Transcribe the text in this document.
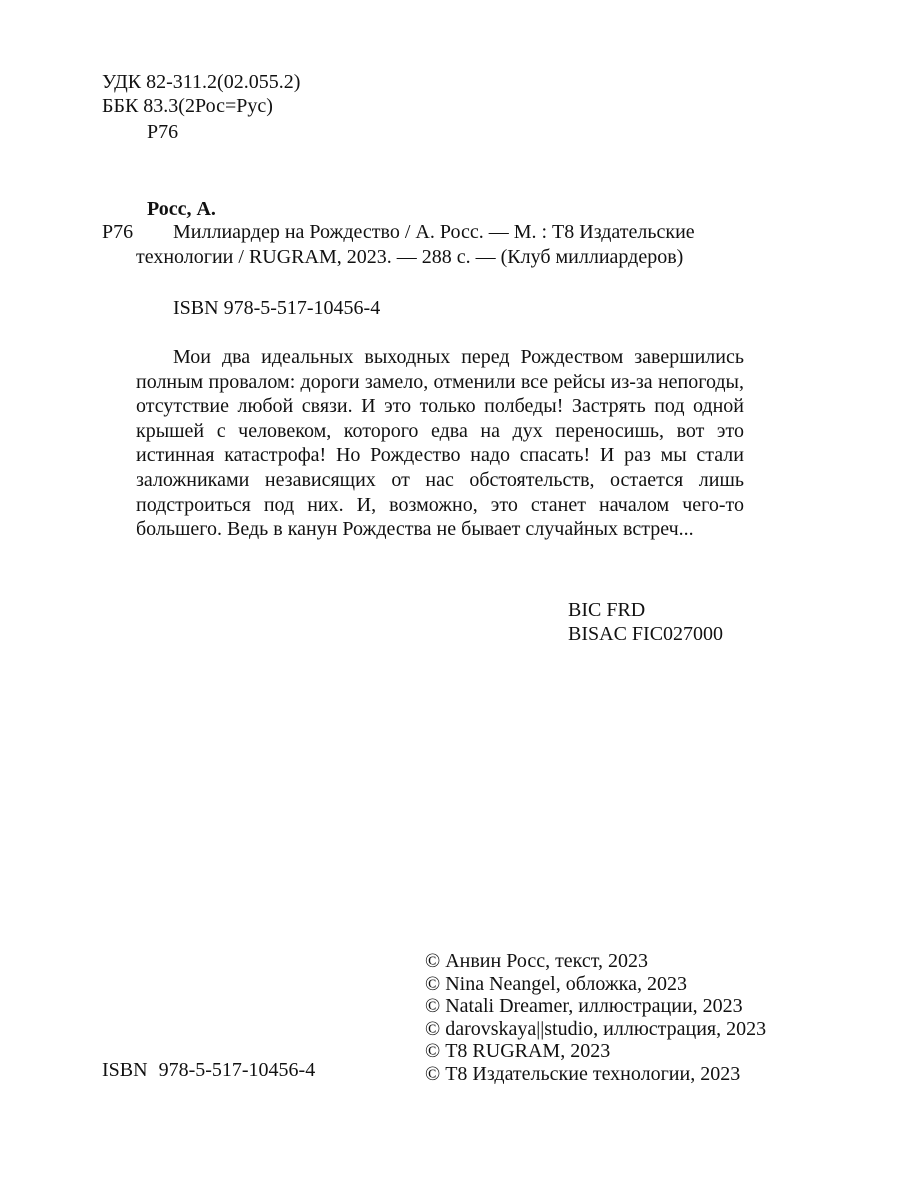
УДК 82-311.2(02.055.2)
ББК 83.3(2Рос=Рус)
Р76
Росс, А.
Р76 Миллиардер на Рождество / А. Росс. — М. : Т8 Издательские
технологии / RUGRAM, 2023. — 288 с. — (Клуб миллиардеров)
ISBN 978-5-517-10456-4

Мои два идеальных выходных перед Рождеством завершились полным провалом: дороги замело, отменили все рейсы из-за непогоды, отсутствие любой связи. И это только полбеды! Застрять под одной крышей с человеком, которого едва на дух переносишь, вот это истинная катастрофа! Но Рождество надо спасать! И раз мы стали заложниками независящих от нас обстоятельств, остается лишь подстроиться под них. И, возможно, это станет началом чего-то большего. Ведь в канун Рождества не бывает случайных встреч...

BIC FRD
BISAC FIC027000
ISBN 978-5-517-10456-4
© Анвин Росс, текст, 2023
© Nina Neangel, обложка, 2023
© Natali Dreamer, иллюстрации, 2023
© darovskaya||studio, иллюстрация, 2023
© Т8 RUGRAM, 2023
© Т8 Издательские технологии, 2023
